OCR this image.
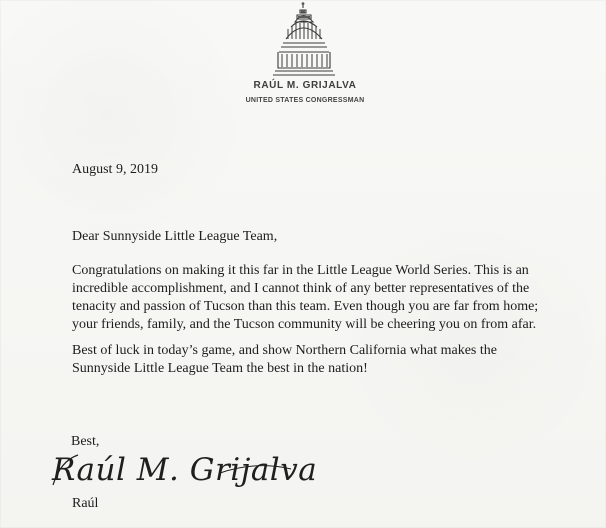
RAÚL M. GRIJALVA
UNITED STATES CONGRESSMAN
August 9, 2019
Dear Sunnyside Little League Team,
Congratulations on making it this far in the Little League World Series. This is an
incredible accomplishment, and I cannot think of any better representatives of the
tenacity and passion of Tucson than this team. Even though you are far from home;
your friends, family, and the Tucson community will be cheering you on from afar.
Best of luck in today’s game, and show Northern California what makes the
Sunnyside Little League Team the best in the nation!
Best,
Raúl M. Grijalva
Raúl
